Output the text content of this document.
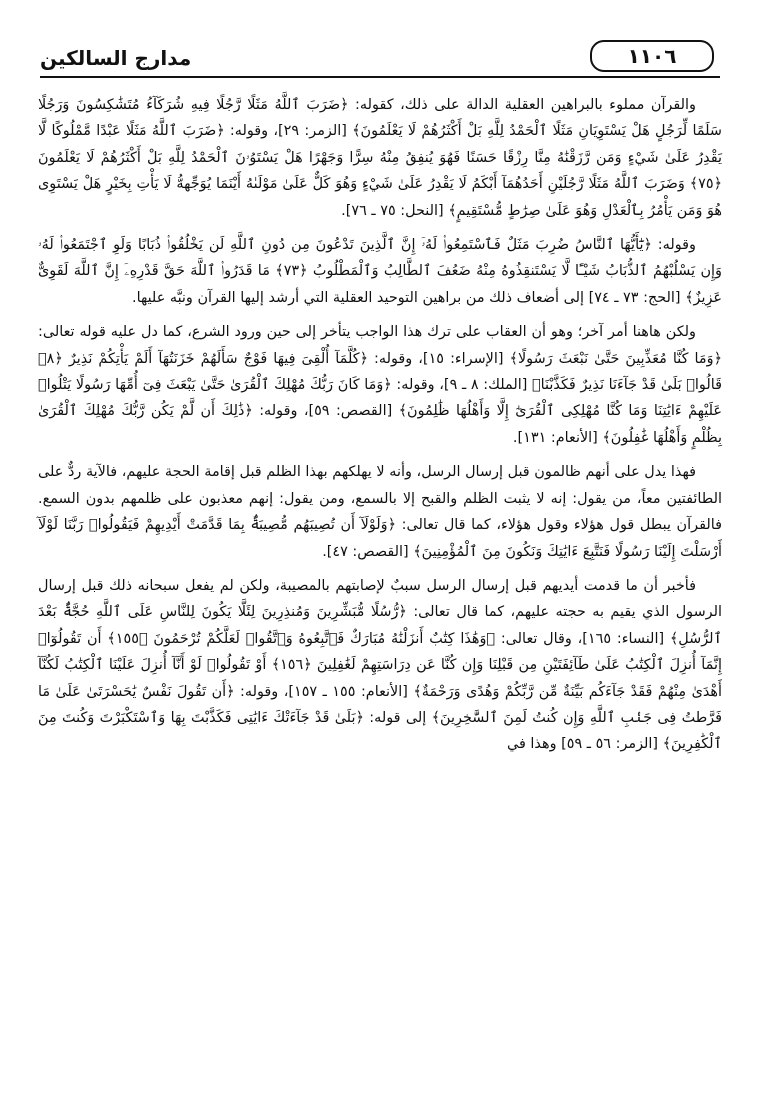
١١٠٦
مدارج السالكين

والقرآن مملوء بالبراهين العقلية الدالة على ذلك، كقوله: ﴿ضَرَبَ ٱللَّهُ مَثَلًا رَّجُلًا فِيهِ شُرَكَآءُ مُتَشَٰكِسُونَ وَرَجُلًا سَلَمًا لِّرَجُلٍ هَلْ يَسْتَوِيَانِ مَثَلًا ٱلْحَمْدُ لِلَّهِ بَلْ أَكْثَرُهُمْ لَا يَعْلَمُونَ﴾ [الزمر: ٢٩]، وقوله: ﴿ضَرَبَ ٱللَّهُ مَثَلًا عَبْدًا مَّمْلُوكًا لَّا يَقْدِرُ عَلَىٰ شَيْءٍ وَمَن رَّزَقْنَٰهُ مِنَّا رِزْقًا حَسَنًا فَهُوَ يُنفِقُ مِنْهُ سِرًّا وَجَهْرًا هَلْ يَسْتَوُۥنَ ٱلْحَمْدُ لِلَّهِ بَلْ أَكْثَرُهُمْ لَا يَعْلَمُونَ ﴿٧٥﴾ وَضَرَبَ ٱللَّهُ مَثَلًا رَّجُلَيْنِ أَحَدُهُمَآ أَبْكَمُ لَا يَقْدِرُ عَلَىٰ شَيْءٍ وَهُوَ كَلٌّ عَلَىٰ مَوْلَىٰهُ أَيْنَمَا يُوَجِّههُّ لَا يَأْتِ بِخَيْرٍ هَلْ يَسْتَوِى هُوَ وَمَن يَأْمُرُ بِٱلْعَدْلِ وَهُوَ عَلَىٰ صِرَٰطٍ مُّسْتَقِيمٍ﴾ [النحل: ٧٥ ـ ٧٦].

وقوله: ﴿يَٰٓأَيُّهَا ٱلنَّاسُ ضُرِبَ مَثَلٌ فَٱسْتَمِعُوا۟ لَهُۥٓ إِنَّ ٱلَّذِينَ تَدْعُونَ مِن دُونِ ٱللَّهِ لَن يَخْلُقُوا۟ ذُبَابًا وَلَوِ ٱجْتَمَعُوا۟ لَهُۥ وَإِن يَسْلُبْهُمُ ٱلذُّبَابُ شَيْـًٔا لَّا يَسْتَنقِذُوهُ مِنْهُ ضَعُفَ ٱلطَّالِبُ وَٱلْمَطْلُوبُ ﴿٧٣﴾ مَا قَدَرُوا۟ ٱللَّهَ حَقَّ قَدْرِهِۦٓ إِنَّ ٱللَّهَ لَقَوِىٌّ عَزِيزٌ﴾ [الحج: ٧٣ ـ ٧٤] إلى أضعاف ذلك من براهين التوحيد العقلية التي أرشد إليها القرآن ونبَّه عليها.

ولكن هاهنا أمر آخر؛ وهو أن العقاب على ترك هذا الواجب يتأخر إلى حين ورود الشرع، كما دل عليه قوله تعالى: ﴿وَمَا كُنَّا مُعَذِّبِينَ حَتَّىٰ نَبْعَثَ رَسُولًا﴾ [الإسراء: ١٥]، وقوله: ﴿كُلَّمَآ أُلْقِىَ فِيهَا فَوْجٌ سَأَلَهُمْ خَزَنَتُهَآ أَلَمْ يَأْتِكُمْ نَذِيرٌ ﴿٨﴾ قَالُوا۟ بَلَىٰ قَدْ جَآءَنَا نَذِيرٌ فَكَذَّبْنَا﴾ [الملك: ٨ ـ ٩]، وقوله: ﴿وَمَا كَانَ رَبُّكَ مُهْلِكَ ٱلْقُرَىٰ حَتَّىٰ يَبْعَثَ فِىٓ أُمِّهَا رَسُولًا يَتْلُوا۟ عَلَيْهِمْ ءَايَٰتِنَا وَمَا كُنَّا مُهْلِكِى ٱلْقُرَىٰٓ إِلَّا وَأَهْلُهَا ظَٰلِمُونَ﴾ [القصص: ٥٩]، وقوله: ﴿ذَٰلِكَ أَن لَّمْ يَكُن رَّبُّكَ مُهْلِكَ ٱلْقُرَىٰ بِظُلْمٍ وَأَهْلُهَا غَٰفِلُونَ﴾ [الأنعام: ١٣١].

فهذا يدل على أنهم ظالمون قبل إرسال الرسل، وأنه لا يهلكهم بهذا الظلم قبل إقامة الحجة عليهم، فالآية ردٌّ على الطائفتين معاً، من يقول: إنه لا يثبت الظلم والقبح إلا بالسمع، ومن يقول: إنهم معذبون على ظلمهم بدون السمع. فالقرآن يبطل قول هؤلاء وقول هؤلاء، كما قال تعالى: ﴿وَلَوْلَآ أَن تُصِيبَهُم مُّصِيبَةٌۢ بِمَا قَدَّمَتْ أَيْدِيهِمْ فَيَقُولُوا۟ رَبَّنَا لَوْلَآ أَرْسَلْتَ إِلَيْنَا رَسُولًا فَنَتَّبِعَ ءَايَٰتِكَ وَنَكُونَ مِنَ ٱلْمُؤْمِنِينَ﴾ [القصص: ٤٧].

فأخبر أن ما قدمت أيديهم قبل إرسال الرسل سببٌ لإصابتهم بالمصيبة، ولكن لم يفعل سبحانه ذلك قبل إرسال الرسول الذي يقيم به حجته عليهم، كما قال تعالى: ﴿رُّسُلًا مُّبَشِّرِينَ وَمُنذِرِينَ لِئَلَّا يَكُونَ لِلنَّاسِ عَلَى ٱللَّهِ حُجَّةٌۢ بَعْدَ ٱلرُّسُلِ﴾ [النساء: ١٦٥]، وقال تعالى: ﴿وَهَٰذَا كِتَٰبٌ أَنزَلْنَٰهُ مُبَارَكٌ فَٱتَّبِعُوهُ وَٱتَّقُوا۟ لَعَلَّكُمْ تُرْحَمُونَ ﴿١٥٥﴾ أَن تَقُولُوٓا۟ إِنَّمَآ أُنزِلَ ٱلْكِتَٰبُ عَلَىٰ طَآئِفَتَيْنِ مِن قَبْلِنَا وَإِن كُنَّا عَن دِرَاسَتِهِمْ لَغَٰفِلِينَ ﴿١٥٦﴾ أَوْ تَقُولُوا۟ لَوْ أَنَّآ أُنزِلَ عَلَيْنَا ٱلْكِتَٰبُ لَكُنَّآ أَهْدَىٰ مِنْهُمْ فَقَدْ جَآءَكُم بَيِّنَةٌ مِّن رَّبِّكُمْ وَهُدًى وَرَحْمَةٌ﴾ [الأنعام: ١٥٥ ـ ١٥٧]، وقوله: ﴿أَن تَقُولَ نَفْسٌ يَٰحَسْرَتَىٰ عَلَىٰ مَا فَرَّطتُ فِى جَنۢبِ ٱللَّهِ وَإِن كُنتُ لَمِنَ ٱلسَّٰخِرِينَ﴾ إلى قوله: ﴿بَلَىٰ قَدْ جَآءَتْكَ ءَايَٰتِى فَكَذَّبْتَ بِهَا وَٱسْتَكْبَرْتَ وَكُنتَ مِنَ ٱلْكَٰفِرِينَ﴾ [الزمر: ٥٦ ـ ٥٩] وهذا في
